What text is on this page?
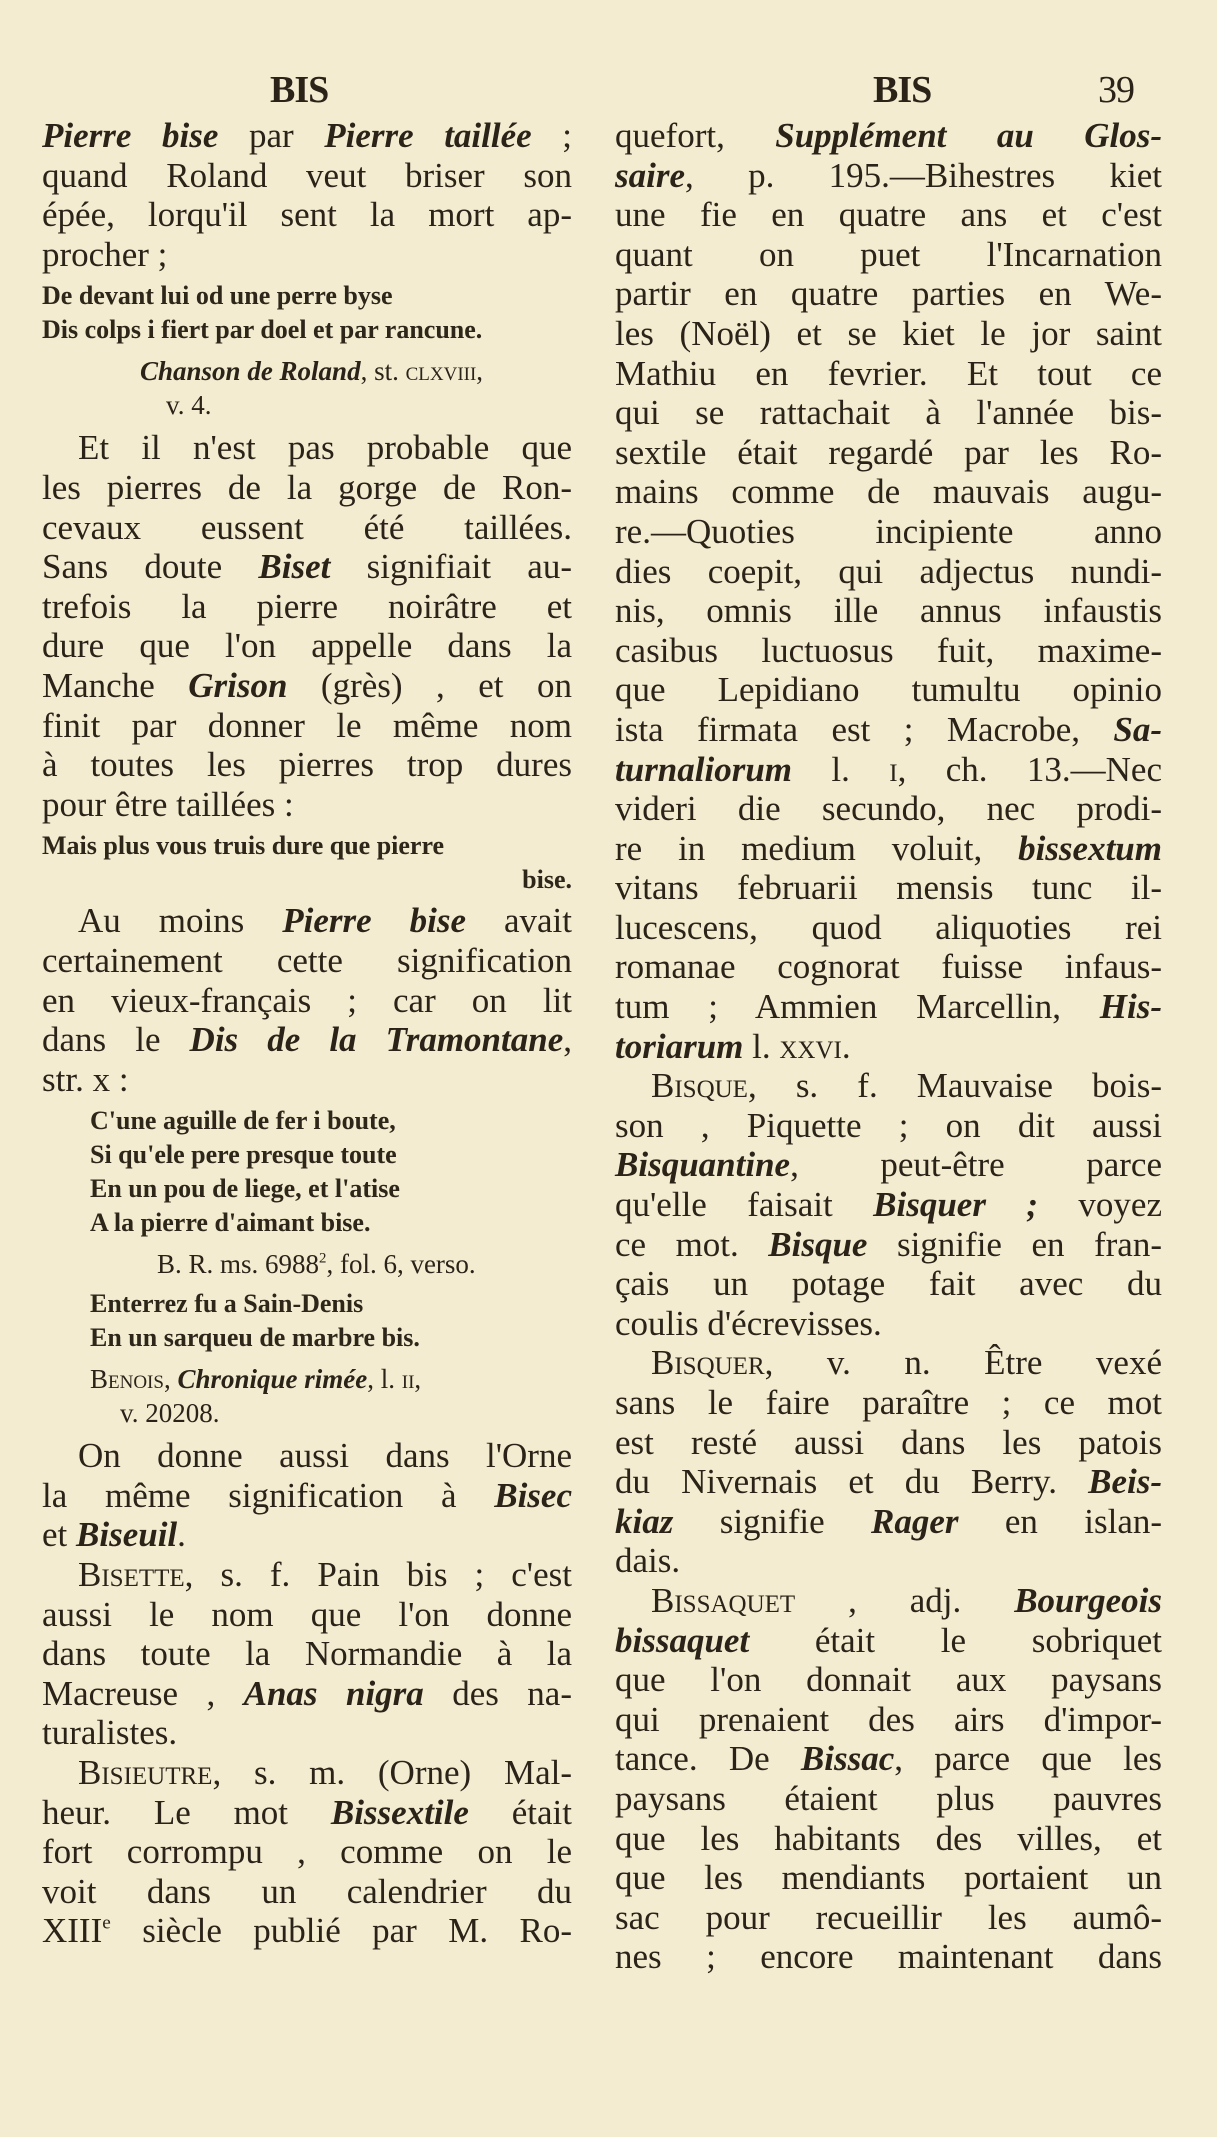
BIS	BIS	39
Pierre bise par Pierre taillée ;
quand Roland veut briser son
épée, lorqu'il sent la mort ap-
procher ;
De devant lui od une perre byse
Dis colps i fiert par doel et par rancune.
Chanson de Roland, st. clxviii,
v. 4.
Et il n'est pas probable que
les pierres de la gorge de Ron-
cevaux eussent été taillées.
Sans doute Biset signifiait au-
trefois la pierre noirâtre et
dure que l'on appelle dans la
Manche Grison (grès) , et on
finit par donner le même nom
à toutes les pierres trop dures
pour être taillées :
Mais plus vous truis dure que pierre
bise.
Au moins Pierre bise avait
certainement cette signification
en vieux-français ; car on lit
dans le Dis de la Tramontane,
str. x :
C'une aguille de fer i boute,
Si qu'ele pere presque toute
En un pou de liege, et l'atise
A la pierre d'aimant bise.
B. R. ms. 6988$^2$, fol. 6, verso.
Enterrez fu a Sain-Denis
En un sarqueu de marbre bis.
Benois, Chronique rimée, l. ii,
v. 20208.
On donne aussi dans l'Orne
la même signification à Bisec
et Biseuil.
Bisette, s. f. Pain bis ; c'est
aussi le nom que l'on donne
dans toute la Normandie à la
Macreuse , Anas nigra des na-
turalistes.
Bisieutre, s. m. (Orne) Mal-
heur. Le mot Bissextile était
fort corrompu , comme on le
voit dans un calendrier du
XIIIe siècle publié par M. Ro-
quefort, Supplément au Glos-
saire, p. 195.—Bihestres kiet
une fie en quatre ans et c'est
quant on puet l'Incarnation
partir en quatre parties en We-
les (Noël) et se kiet le jor saint
Mathiu en fevrier. Et tout ce
qui se rattachait à l'année bis-
sextile était regardé par les Ro-
mains comme de mauvais augu-
re.—Quoties incipiente anno
dies coepit, qui adjectus nundi-
nis, omnis ille annus infaustis
casibus luctuosus fuit, maxime-
que Lepidiano tumultu opinio
ista firmata est ; Macrobe, Sa-
turnaliorum l. i, ch. 13.—Nec
videri die secundo, nec prodi-
re in medium voluit, bissextum
vitans februarii mensis tunc il-
lucescens, quod aliquoties rei
romanae cognorat fuisse infaus-
tum ; Ammien Marcellin, His-
toriarum l. xxvi.
Bisque, s. f. Mauvaise bois-
son , Piquette ; on dit aussi
Bisquantine, peut-être parce
qu'elle faisait Bisquer ; voyez
ce mot. Bisque signifie en fran-
çais un potage fait avec du
coulis d'écrevisses.
Bisquer, v. n. Être vexé
sans le faire paraître ; ce mot
est resté aussi dans les patois
du Nivernais et du Berry. Beis-
kiaz signifie Rager en islan-
dais.
Bissaquet , adj. Bourgeois
bissaquet était le sobriquet
que l'on donnait aux paysans
qui prenaient des airs d'impor-
tance. De Bissac, parce que les
paysans étaient plus pauvres
que les habitants des villes, et
que les mendiants portaient un
sac pour recueillir les aumô-
nes ; encore maintenant dans
